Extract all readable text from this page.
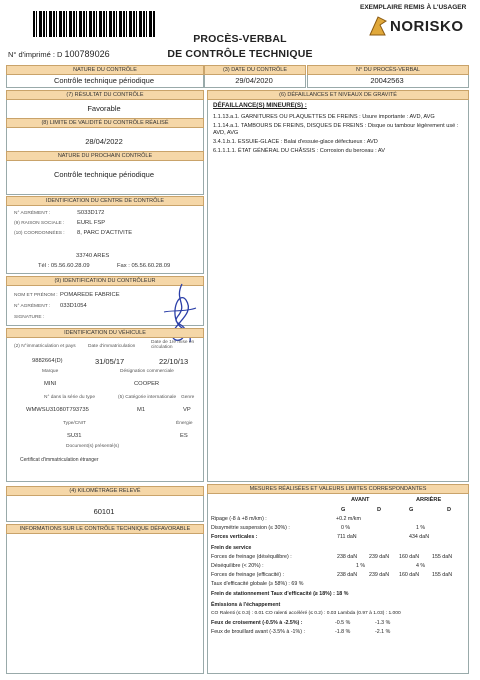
EXEMPLAIRE REMIS À L'USAGER
NORISKO
PROCÈS-VERBAL
DE CONTRÔLE TECHNIQUE
N° d'imprimé : D 100789026
NATURE DU CONTRÔLE
Contrôle technique périodique
(3) DATE DU CONTRÔLE
29/04/2020
N° DU PROCÈS-VERBAL
20042563
(7) RÉSULTAT DU CONTRÔLE
Favorable
(8) LIMITE DE VALIDITÉ DU CONTRÔLE RÉALISÉ
28/04/2022
NATURE DU PROCHAIN CONTRÔLE
Contrôle technique périodique
(6) DÉFAILLANCES ET NIVEAUX DE GRAVITÉ
DÉFAILLANCE(S) MINEURE(S) :
1.1.13.a.1. GARNITURES OU PLAQUETTES DE FREINS : Usure importante : AVD, AVG
1.1.14.a.1. TAMBOURS DE FREINS, DISQUES DE FREINS : Disque ou tambour légèrement usé : AVD, AVG
3.4.1.b.1. ESSUIE-GLACE : Balai d'essuie-glace défectueux : AVD
6.1.1.1.1. ÉTAT GÉNÉRAL DU CHÂSSIS : Corrosion du berceau : AV
IDENTIFICATION DU CENTRE DE CONTRÔLE
N° AGRÉMENT :	S033D172
(9) RAISON SOCIALE : EURL FSP
(10) COORDONNÉES : 8, PARC D'ACTIVITE
33740 ARES
Tél : 05.56.60.28.09	Fax : 05.56.60.28.09
(9) IDENTIFICATION DU CONTRÔLEUR
NOM ET PRÉNOM : POMAREDE FABRICE
N° AGRÉMENT : 033D1054
SIGNATURE :
IDENTIFICATION DU VÉHICULE
(2) N°immatriculation et pays	Date d'immatriculation
Date de 1re mise en circulation
9882664(D)	31/05/17	22/10/13
Marque	Désignation commerciale
MINI	COOPER
N° dans la série du type	(5) Catégorie internationale Genre
WMWSU31080T793735	M1	VP
Type/CNIT	Énergie
SU31	ES
Document(s) présenté(s)
Certificat d'immatriculation étranger
(4) KILOMÉTRAGE RELEVÉ
60101
INFORMATIONS SUR LE CONTRÔLE TECHNIQUE DÉFAVORABLE
MESURES RÉALISÉES ET VALEURS LIMITES CORRESPONDANTES
AVANT	ARRIÈRE
G	D	G	D
Ripage (-8 à +8 m/km) :	+0.2 m/km
Dissymétrie suspension (≤ 30%) :	0 %	1 %
Forces verticales :	711 daN	434 daN
Frein de service
Forces de freinage (déséquilibre) :	238 daN 239 daN 160 daN 155 daN
Déséquilibre (< 20%) :	1 %	4 %
Forces de freinage (efficacité) :	238 daN 239 daN 160 daN 155 daN
Taux d'efficacité globale (≥ 58%) : 69 %
Frein de stationnement Taux d'efficacité (≥ 18%) : 18 %
Émissions à l'échappement
CO Ralenti (≤ 0.3) : 0.01 CO ralenti accéléré (≤ 0.2) : 0.03 Lambda (0.97 à 1.03) : 1.000
Feux de croisement (-0.5% à -2.5%) :	-0.5 %	-1.3 %
Feux de brouillard avant (-3.5% à -1%) :	-1.8 %	-2.1 %
